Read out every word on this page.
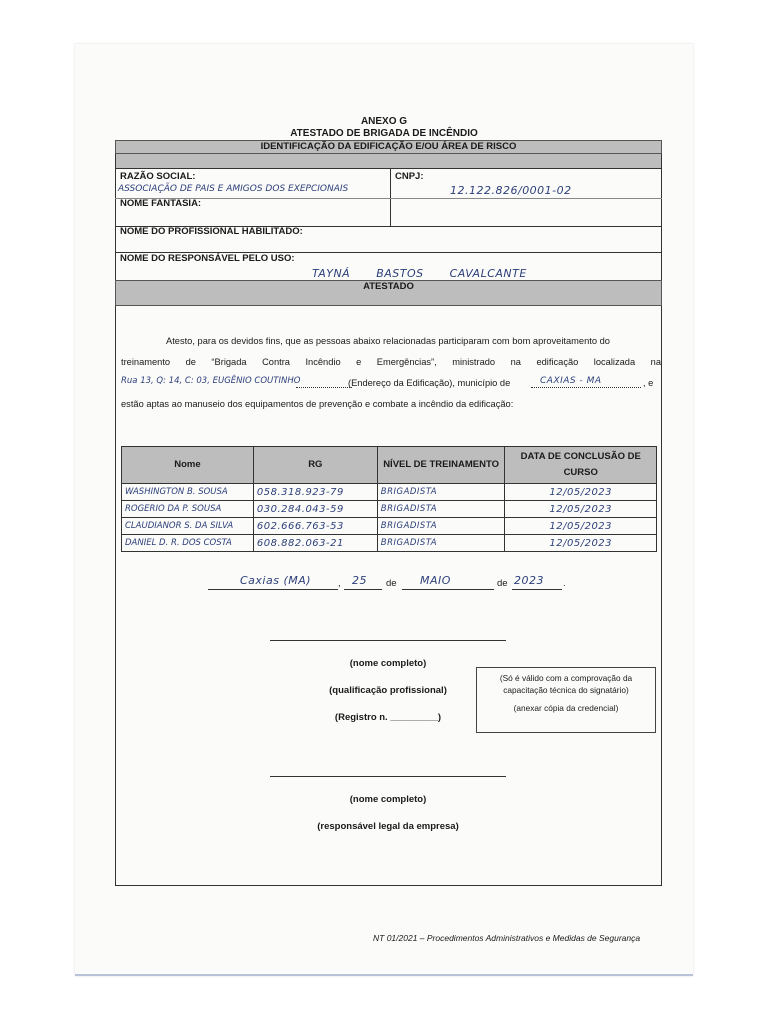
ANEXO G
ATESTADO DE BRIGADA DE INCÊNDIO
IDENTIFICAÇÃO DA EDIFICAÇÃO E/OU ÁREA DE RISCO
RAZÃO SOCIAL:
ASSOCIAÇÃO DE PAIS E AMIGOS DOS EXEPCIONAIS
CNPJ:
12.122.826/0001-02
NOME FANTASIA:
NOME DO PROFISSIONAL HABILITADO:
NOME DO RESPONSÁVEL PELO USO:
TAYNÁ BASTOS CAVALCANTE
ATESTADO
Atesto, para os devidos fins, que as pessoas abaixo relacionadas participaram com bom aproveitamento do
treinamento de “Brigada Contra Incêndio e Emergências”, ministrado na edificação localizada na
Rua 13, Q: 14, C: 03, EUGÊNIO COUTINHO	(Endereço da Edificação), município de	CAXIAS - MA	, e
estão aptas ao manuseio dos equipamentos de prevenção e combate a incêndio da edificação:
Nome	RG	NÍVEL DE TREINAMENTO	DATA DE CONCLUSÃO DE CURSO
WASHINGTON B. SOUSA	058.318.923-79	BRIGADISTA	12/05/2023
ROGERIO DA P. SOUSA	030.284.043-59	BRIGADISTA	12/05/2023
CLAUDIANOR S. DA SILVA	602.666.763-53	BRIGADISTA	12/05/2023
DANIEL D. R. DOS COSTA	608.882.063-21	BRIGADISTA	12/05/2023
Caxias (MA)	, 25 de MAIO	de 2023 .
(nome completo)
(qualificação profissional)
(Registro n. _________)
(Só é válido com a comprovação da
capacitação técnica do signatário)
(anexar cópia da credencial)
(nome completo)
(responsável legal da empresa)
NT 01/2021 – Procedimentos Administrativos e Medidas de Segurança
